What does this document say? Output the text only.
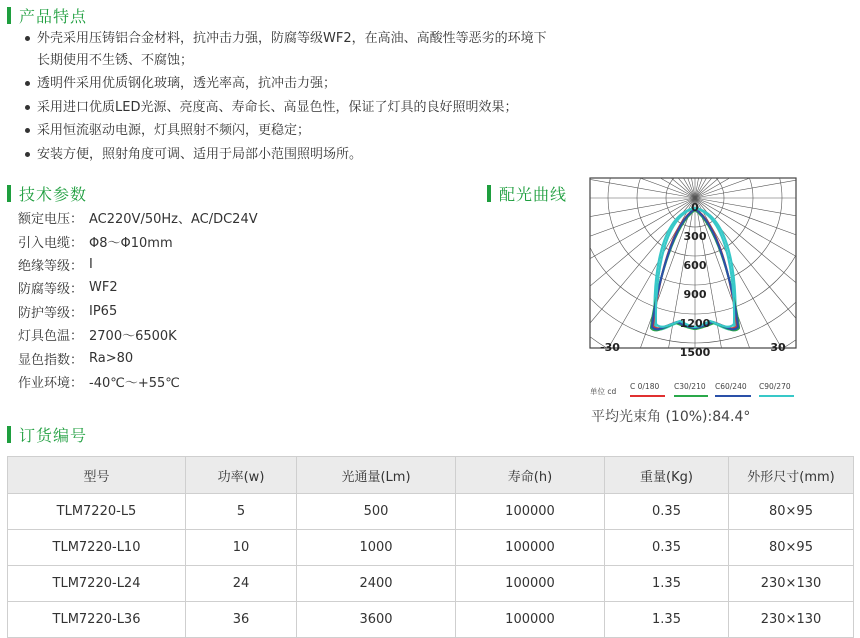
产品特点
外壳采用压铸铝合金材料，抗冲击力强，防腐等级WF2，在高油、高酸性等恶劣的环境下
长期使用不生锈、不腐蚀；
透明件采用优质钢化玻璃，透光率高，抗冲击力强；
采用进口优质LED光源、亮度高、寿命长、高显色性，保证了灯具的良好照明效果；
采用恒流驱动电源，灯具照射不频闪，更稳定；
安装方便，照射角度可调、适用于局部小范围照明场所。
技术参数
额定电压： AC220V/50Hz、AC/DC24V
引入电缆： Φ8～Φ10mm
绝缘等级： I
防腐等级： WF2
防护等级： IP65
灯具色温： 2700～6500K
显色指数： Ra>80
作业环境： -40℃～+55℃
配光曲线
0
300
600
900
1200
1500
-30	30
单位 cd
C 0/180 C30/210 C60/240 C90/270
平均光束角 (10%):84.4°
订货编号
型号	功率(w)	光通量(Lm)	寿命(h)	重量(Kg)	外形尺寸(mm)
TLM7220-L5	5	500	100000	0.35	80×95
TLM7220-L10	10	1000	100000	0.35	80×95
TLM7220-L24	24	2400	100000	1.35	230×130
TLM7220-L36	36	3600	100000	1.35	230×130
